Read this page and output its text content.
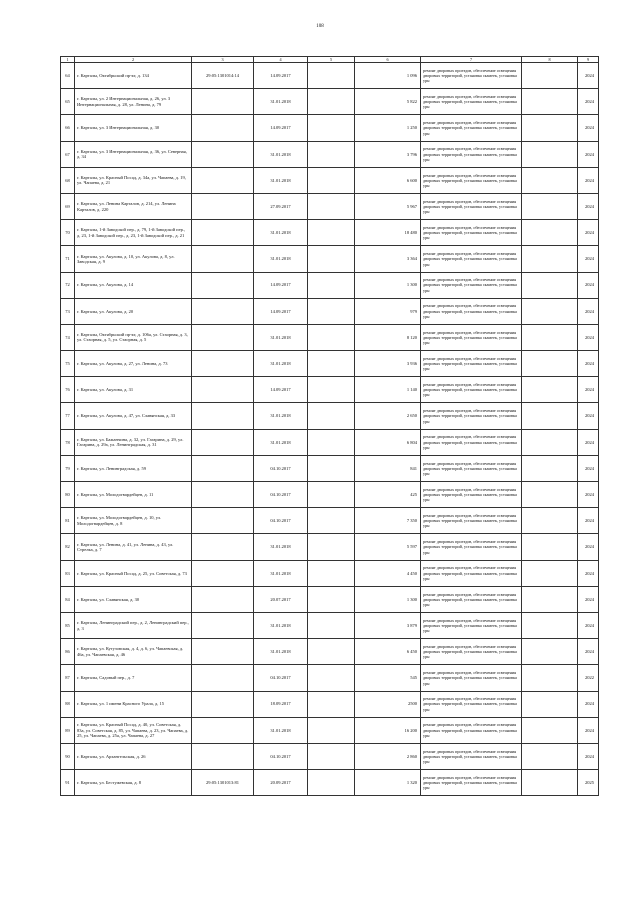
108
1	2	3	4	5	6	7	8	9
64	г. Карталы, Октябрьский пр-кт, д. 134	29:05:1301014:14	14.09.2017		1 096	ремонт дворовых проездов, обеспечение освещения дворовых территорий, установка скамеек, установка урн		2024
65	г. Карталы, ул. 2 Интернациональная, д. 26, ул. 3 Интернациональная, д. 28, ул. Ленина, д. 79		31.01.2018		5 822	ремонт дворовых проездов, обеспечение освещения дворовых территорий, установка скамеек, установка урн		2024
66	г. Карталы, ул. 3 Интернациональная, д. 30		14.09.2017		1 250	ремонт дворовых проездов, обеспечение освещения дворовых территорий, установка скамеек, установка урн		2024
67	г. Карталы, ул. 3 Интернациональная, д. 36, ул. Северная, д. 34		31.01.2018		3 796	ремонт дворовых проездов, обеспечение освещения дворовых территорий, установка скамеек, установка урн		2024
68	г. Карталы, ул. Красный Посад, д. 34а, ул. Чапаева, д. 19, ул. Чапаева, д. 21		31.01.2018		6 600	ремонт дворовых проездов, обеспечение освещения дворовых территорий, установка скамеек, установка урн		2024
69	г. Карталы, ул. Ленина Карталов, д. 214, ул. Ленина Карталов, д. 220		27.09.2017		5 967	ремонт дворовых проездов, обеспечение освещения дворовых территорий, установка скамеек, установка урн		2024
70	г. Карталы, 1-й Заводской пер., д. 79, 1-й Заводской пер., д. 23, 1-й Заводской пер., д. 23, 1-й Заводской пер., д. 21		31.01.2018		18 480	ремонт дворовых проездов, обеспечение освещения дворовых территорий, установка скамеек, установка урн		2024
71	г. Карталы, ул. Акулова, д. 10, ул. Акулова, д. 8, ул. Заводская, д. 9		31.01.2018		3 364	ремонт дворовых проездов, обеспечение освещения дворовых территорий, установка скамеек, установка урн		2024
72	г. Карталы, ул. Акулова, д. 14		14.09.2017		1 300	ремонт дворовых проездов, обеспечение освещения дворовых территорий, установка скамеек, установка урн		2024
73	г. Карталы, ул. Акулова, д. 20		14.09.2017		979	ремонт дворовых проездов, обеспечение освещения дворовых территорий, установка скамеек, установка урн		2024
74	г. Карталы, Октябрьский пр-кт, д. 106а, ул. Стаорная, д. 3, ул. Стаорная, д. 5, ул. Стаорная, д. 5		31.01.2018		8 120	ремонт дворовых проездов, обеспечение освещения дворовых территорий, установка скамеек, установка урн		2024
75	г. Карталы, ул. Акулова, д. 27, ул. Ленина, д. 73		31.01.2018		3 936	ремонт дворовых проездов, обеспечение освещения дворовых территорий, установка скамеек, установка урн		2024
76	г. Карталы, ул. Акулова, д. 31		14.09.2017		1 140	ремонт дворовых проездов, обеспечение освещения дворовых территорий, установка скамеек, установка урн		2024
77	г. Карталы, ул. Акулова, д. 47, ул. Славянская, д. 33		31.01.2018		2 650	ремонт дворовых проездов, обеспечение освещения дворовых территорий, установка скамеек, установка урн		2024
78	г. Карталы, ул. Бажанчина, д. 32, ул. Гагарина, д. 29, ул. Гагарина, д. 29а, ул. Ленинградская, д. 31		31.01.2018		6 804	ремонт дворовых проездов, обеспечение освещения дворовых территорий, установка скамеек, установка урн		2024
79	г. Карталы, ул. Ленинградская, д. 59		04.10.2017		841	ремонт дворовых проездов, обеспечение освещения дворовых территорий, установка скамеек, установка урн		2024
80	г. Карталы, ул. Молодогвардейцев, д. 11		04.10.2017		425	ремонт дворовых проездов, обеспечение освещения дворовых территорий, установка скамеек, установка урн		2024
81	г. Карталы, ул. Молодогвардейцев, д. 10, ул. Молодогвардейцев, д. 8		04.10.2017		7 350	ремонт дворовых проездов, обеспечение освещения дворовых территорий, установка скамеек, установка урн		2024
82	г. Карталы, ул. Ленина, д. 41, ул. Ленина, д. 43, ул. Стрелка, д. 7		31.01.2018		5 597	ремонт дворовых проездов, обеспечение освещения дворовых территорий, установка скамеек, установка урн		2024
83	г. Карталы, ул. Красный Посад, д. 25, ул. Советская, д. 73		31.01.2018		4 450	ремонт дворовых проездов, обеспечение освещения дворовых территорий, установка скамеек, установка урн		2024
84	г. Карталы, ул. Славянская, д. 30		20.07.2017		1 300	ремонт дворовых проездов, обеспечение освещения дворовых территорий, установка скамеек, установка урн		2024
85	г. Карталы, Ленинградский пер., д. 2, Ленинградский пер., д. 3		31.01.2018		3 879	ремонт дворовых проездов, обеспечение освещения дворовых территорий, установка скамеек, установка урн		2024
86	г. Карталы, ул. Кутузовская, д. 4, д. 6, ул. Чапаевская, д. 46а, ул. Чапаевская, д. 46		31.01.2018		6 450	ремонт дворовых проездов, обеспечение освещения дворовых территорий, установка скамеек, установка урн		2024
87	г. Карталы, Садовый пер., д. 7		04.10.2017		545	ремонт дворовых проездов, обеспечение освещения дворовых территорий, установка скамеек, установка урн		2022
88	г. Карталы, ул. 1 имени Красного Урала, д. 15		18.09.2017		2500	ремонт дворовых проездов, обеспечение освещения дворовых территорий, установка скамеек, установка урн		2024
89	г. Карталы, ул. Красный Посад, д. 40, ул. Советская, д. 83а, ул. Советская, д. 85, ул. Чапаева, д. 23, ул. Чапаева, д. 25, ул. Чапаева, д. 25а, ул. Чапаева, д. 27		31.01.2018		16 200	ремонт дворовых проездов, обеспечение освещения дворовых территорий, установка скамеек, установка урн		2024
90	г. Карталы, ул. Архангельская, д. 26		04.10.2017		2 860	ремонт дворовых проездов, обеспечение освещения дворовых территорий, установка скамеек, установка урн		2024
91	г. Карталы, ул. Бестужевская, д. 8	29:05:1301013:81	20.09.2017		1 320	ремонт дворовых проездов, обеспечение освещения дворовых территорий, установка скамеек, установка урн		2025
